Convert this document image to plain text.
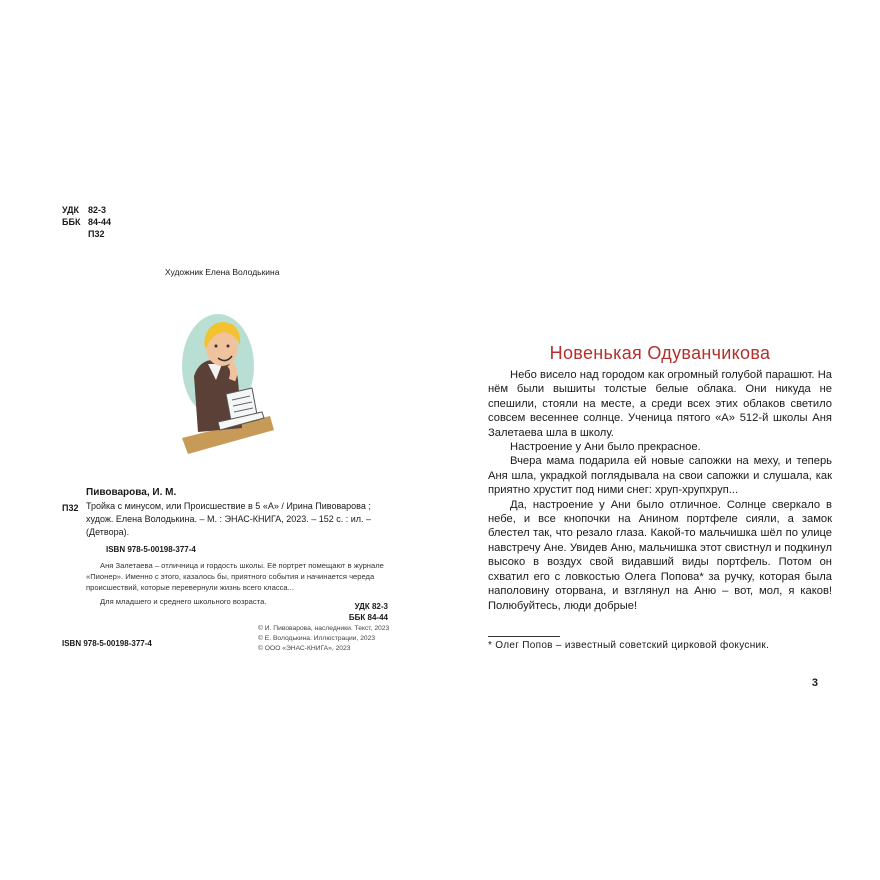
УДК 82-3
ББК 84-44
П32
Художник Елена Володькина
Пивоварова, И. М.
П32 Тройка с минусом, или Происшествие в 5 «А» / Ирина Пивоварова ; худож. Елена Володькина. – М. : ЭНАС-КНИГА, 2023. – 152 с. : ил. – (Детвора).
ISBN 978-5-00198-377-4

Аня Залетаева – отличница и гордость школы. Её портрет помещают в журнале «Пионер». Именно с этого, казалось бы, приятного события и начинается череда происшествий, которые перевернули жизнь всего класса...

Для младшего и среднего школьного возраста.
УДК 82-3
ББК 84-44
© И. Пивоварова, наследники. Текст, 2023
© Е. Володькина. Иллюстрации, 2023
© ООО «ЭНАС-КНИГА», 2023
ISBN 978-5-00198-377-4
Новенькая Одуванчикова

Небо висело над городом как огромный голубой парашют. На нём были вышиты толстые белые облака. Они никуда не спешили, стояли на месте, а среди всех этих облаков светило совсем весеннее солнце. Ученица пятого «А» 512-й школы Аня Залетаева шла в школу.

Настроение у Ани было прекрасное.

Вчера мама подарила ей новые сапожки на меху, и теперь Аня шла, украдкой поглядывала на свои сапожки и слушала, как приятно хрустит под ними снег: хруп-хрупхруп...

Да, настроение у Ани было отличное. Солнце сверкало в небе, и все кнопочки на Анином портфеле сияли, а замок блестел так, что резало глаза. Какой-то мальчишка шёл по улице навстречу Ане. Увидев Аню, мальчишка этот свистнул и подкинул высоко в воздух свой видавший виды портфель. Потом он схватил его с ловкостью Олега Попова* за ручку, которая была наполовину оторвана, и взглянул на Аню – вот, мол, я каков! Полюбуйтесь, люди добрые!

* Олег Попов – известный советский цирковой фокусник.
3
